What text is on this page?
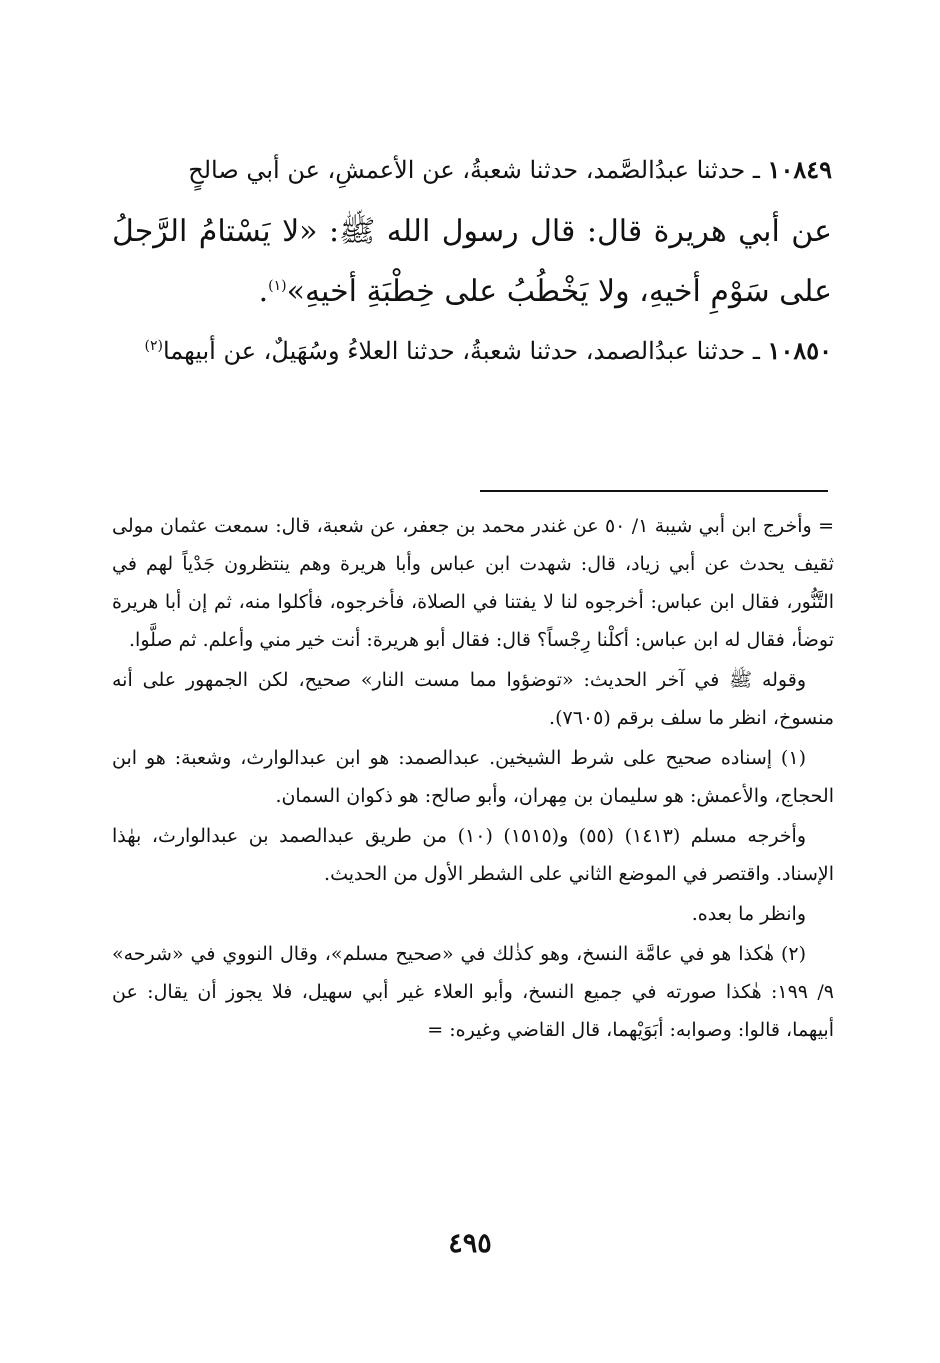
١٠٨٤٩ ـ حدثنا عبدُالصَّمد، حدثنا شعبةُ، عن الأعمشِ، عن أبي صالحٍ

عن أبي هريرة قال: قال رسول الله ﷺ: «لا يَسْتامُ الرَّجلُ على سَوْمِ أخيهِ، ولا يَخْطُبُ على خِطْبَةِ أخيهِ»$^{(١)}$.

١٠٨٥٠ ـ حدثنا عبدُالصمد، حدثنا شعبةُ، حدثنا العلاءُ وسُهَيلٌ، عن أبيهما$^{(٢)}$

= وأخرج ابن أبي شيبة ١/ ٥٠ عن غندر محمد بن جعفر، عن شعبة، قال: سمعت عثمان مولى ثقيف يحدث عن أبي زياد، قال: شهدت ابن عباس وأبا هريرة وهم ينتظرون جَدْياً لهم في التَّنُّور، فقال ابن عباس: أخرجوه لنا لا يفتنا في الصلاة، فأخرجوه، فأكلوا منه، ثم إن أبا هريرة توضأ، فقال له ابن عباس: أكلْنا رِجْساً؟ قال: فقال أبو هريرة: أنت خير مني وأعلم. ثم صلَّوا.

وقوله ﷺ في آخر الحديث: «توضؤوا مما مست النار» صحيح، لكن الجمهور على أنه منسوخ، انظر ما سلف برقم (٧٦٠٥).

(١) إسناده صحيح على شرط الشيخين. عبدالصمد: هو ابن عبدالوارث، وشعبة: هو ابن الحجاج، والأعمش: هو سليمان بن مِهران، وأبو صالح: هو ذكوان السمان.

وأخرجه مسلم (١٤١٣) (٥٥) و(١٥١٥) (١٠) من طريق عبدالصمد بن عبدالوارث، بهٰذا الإسناد. واقتصر في الموضع الثاني على الشطر الأول من الحديث.

وانظر ما بعده.

(٢) هٰكذا هو في عامَّة النسخ، وهو كذٰلك في «صحيح مسلم»، وقال النووي في «شرحه» ٩/ ١٩٩: هٰكذا صورته في جميع النسخ، وأبو العلاء غير أبي سهيل، فلا يجوز أن يقال: عن أبيهما، قالوا: وصوابه: أبَوَيْهما، قال القاضي وغيره: =

٤٩٥
